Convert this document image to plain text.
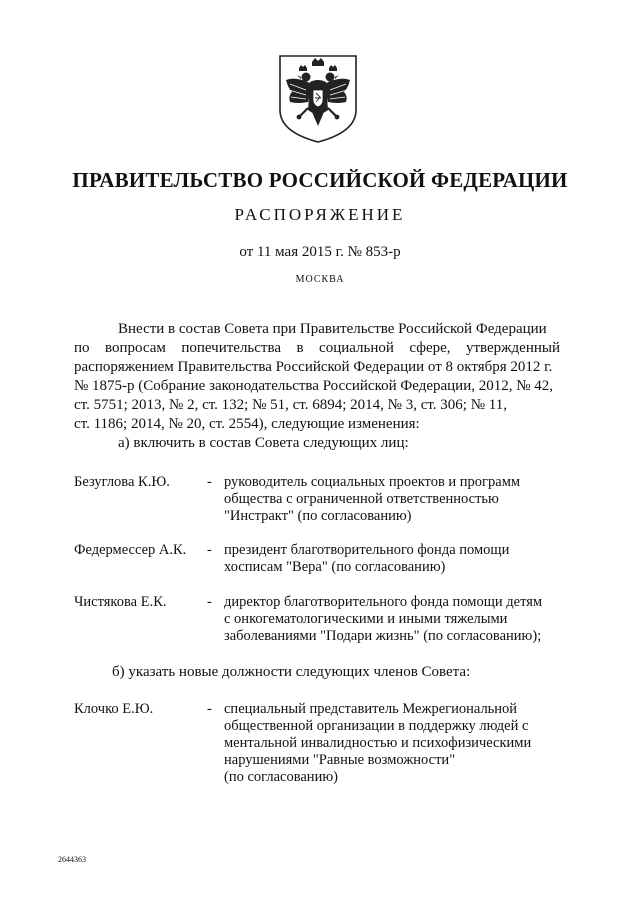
ПРАВИТЕЛЬСТВО РОССИЙСКОЙ ФЕДЕРАЦИИ
РАСПОРЯЖЕНИЕ
от 11 мая 2015 г. № 853-р
МОСКВА
Внести в состав Совета при Правительстве Российской Федерации
по вопросам попечительства в социальной сфере, утвержденный
распоряжением Правительства Российской Федерации от 8 октября 2012 г.
№ 1875-р (Собрание законодательства Российской Федерации, 2012, № 42,
ст. 5751; 2013, № 2, ст. 132; № 51, ст. 6894; 2014, № 3, ст. 306; № 11,
ст. 1186; 2014, № 20, ст. 2554), следующие изменения:
а) включить в состав Совета следующих лиц:
Безуглова К.Ю.	- руководитель социальных проектов и программ
общества с ограниченной ответственностью
"Инстракт" (по согласованию)
Федермессер А.К. - президент благотворительного фонда помощи
хосписам "Вера" (по согласованию)
Чистякова Е.К.	- директор благотворительного фонда помощи детям
с онкогематологическими и иными тяжелыми
заболеваниями "Подари жизнь" (по согласованию);
б) указать новые должности следующих членов Совета:
Клочко Е.Ю.	- специальный представитель Межрегиональной
общественной организации в поддержку людей с
ментальной инвалидностью и психофизическими
нарушениями "Равные возможности"
(по согласованию)
2644363
